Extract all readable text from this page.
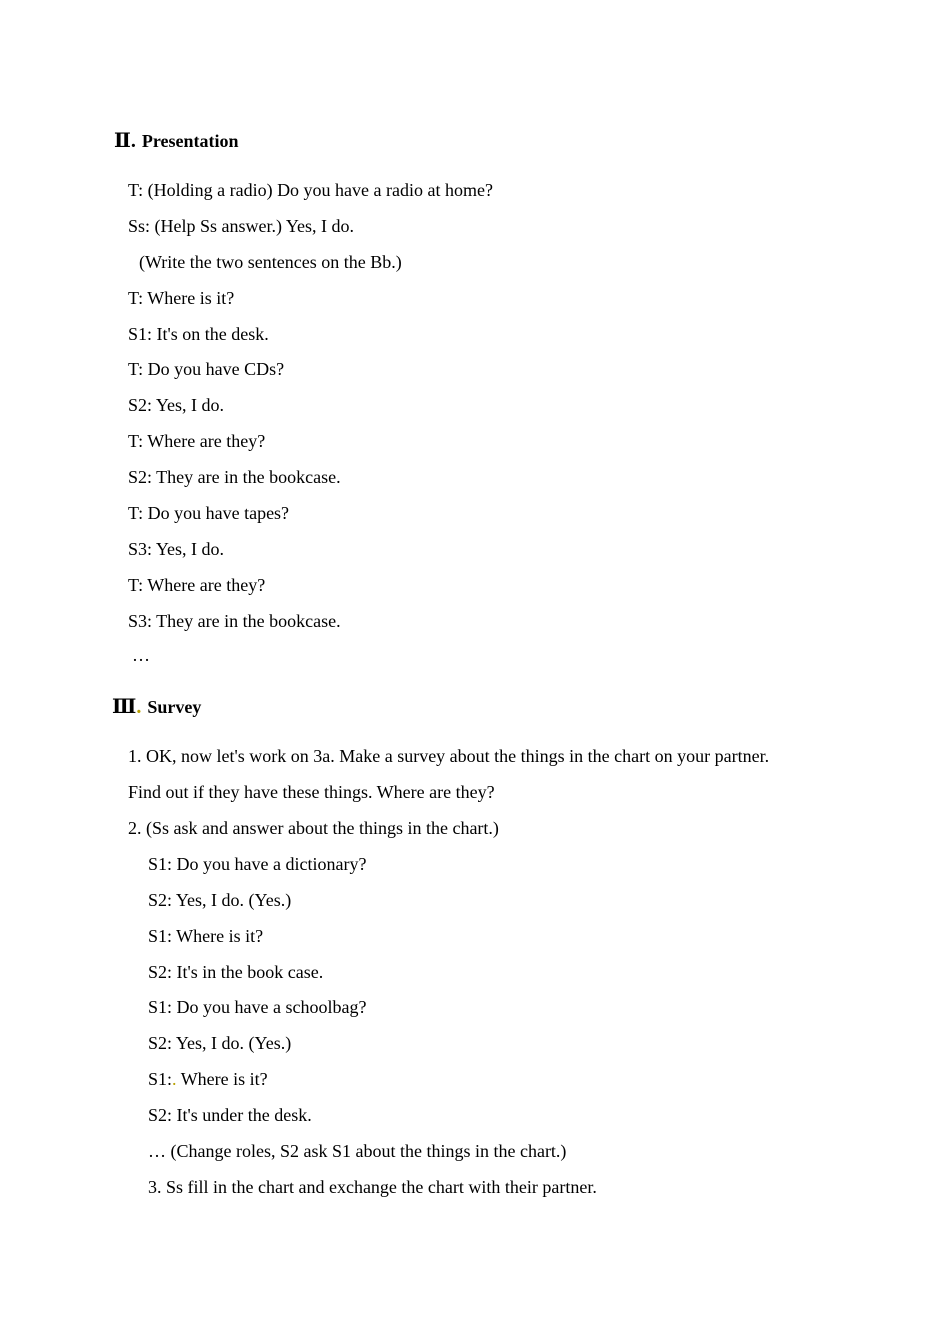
Ⅱ. Presentation
T: (Holding a radio) Do you have a radio at home?
Ss: (Help Ss answer.) Yes, I do.
(Write the two sentences on the Bb.)
T: Where is it?
S1: It's on the desk.
T: Do you have CDs?
S2: Yes, I do.
T: Where are they?
S2: They are in the bookcase.
T: Do you have tapes?
S3: Yes, I do.
T: Where are they?
S3: They are in the bookcase.
…
Ⅲ. Survey
1. OK, now let's work on 3a. Make a survey about the things in the chart on your partner.
Find out if they have these things. Where are they?
2. (Ss ask and answer about the things in the chart.)
S1: Do you have a dictionary?
S2: Yes, I do. (Yes.)
S1: Where is it?
S2: It's in the book case.
S1: Do you have a schoolbag?
S2: Yes, I do. (Yes.)
S1:. Where is it?
S2: It's under the desk.
… (Change roles, S2 ask S1 about the things in the chart.)
3. Ss fill in the chart and exchange the chart with their partner.
